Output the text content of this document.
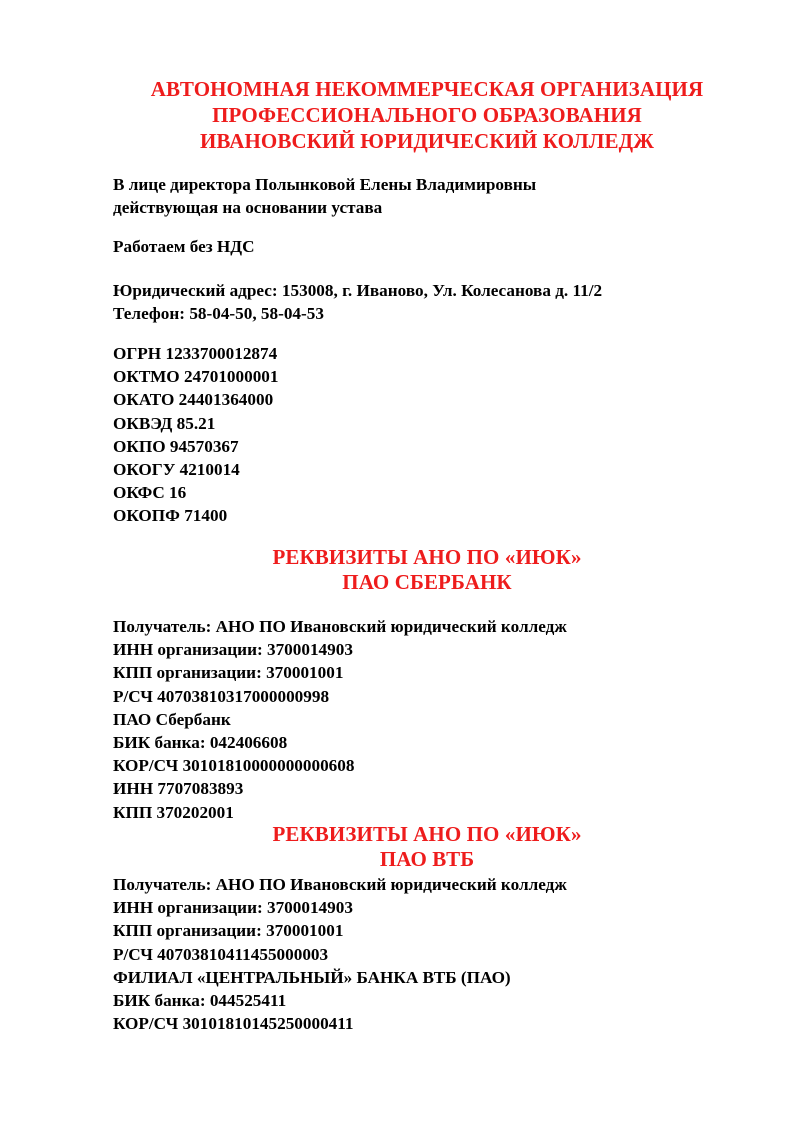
АВТОНОМНАЯ НЕКОММЕРЧЕСКАЯ ОРГАНИЗАЦИЯ
ПРОФЕССИОНАЛЬНОГО ОБРАЗОВАНИЯ
ИВАНОВСКИЙ ЮРИДИЧЕСКИЙ КОЛЛЕДЖ
В лице директора Полынковой Елены Владимировны
действующая на основании устава
Работаем без НДС
Юридический адрес: 153008, г. Иваново, Ул. Колесанова д. 11/2
Телефон: 58-04-50, 58-04-53
ОГРН 1233700012874
ОКТМО 24701000001
ОКАТО 24401364000
ОКВЭД 85.21
ОКПО 94570367
ОКОГУ 4210014
ОКФС 16
ОКОПФ 71400
РЕКВИЗИТЫ АНО ПО «ИЮК»
ПАО СБЕРБАНК
Получатель: АНО ПО Ивановский юридический колледж
ИНН организации: 3700014903
КПП организации: 370001001
Р/СЧ 40703810317000000998
ПАО Сбербанк
БИК банка: 042406608
КОР/СЧ 30101810000000000608
ИНН 7707083893
КПП 370202001
РЕКВИЗИТЫ АНО ПО «ИЮК»
ПАО ВТБ
Получатель: АНО ПО Ивановский юридический колледж
ИНН организации: 3700014903
КПП организации: 370001001
Р/СЧ 40703810411455000003
ФИЛИАЛ «ЦЕНТРАЛЬНЫЙ» БАНКА ВТБ (ПАО)
БИК банка: 044525411
КОР/СЧ 30101810145250000411
